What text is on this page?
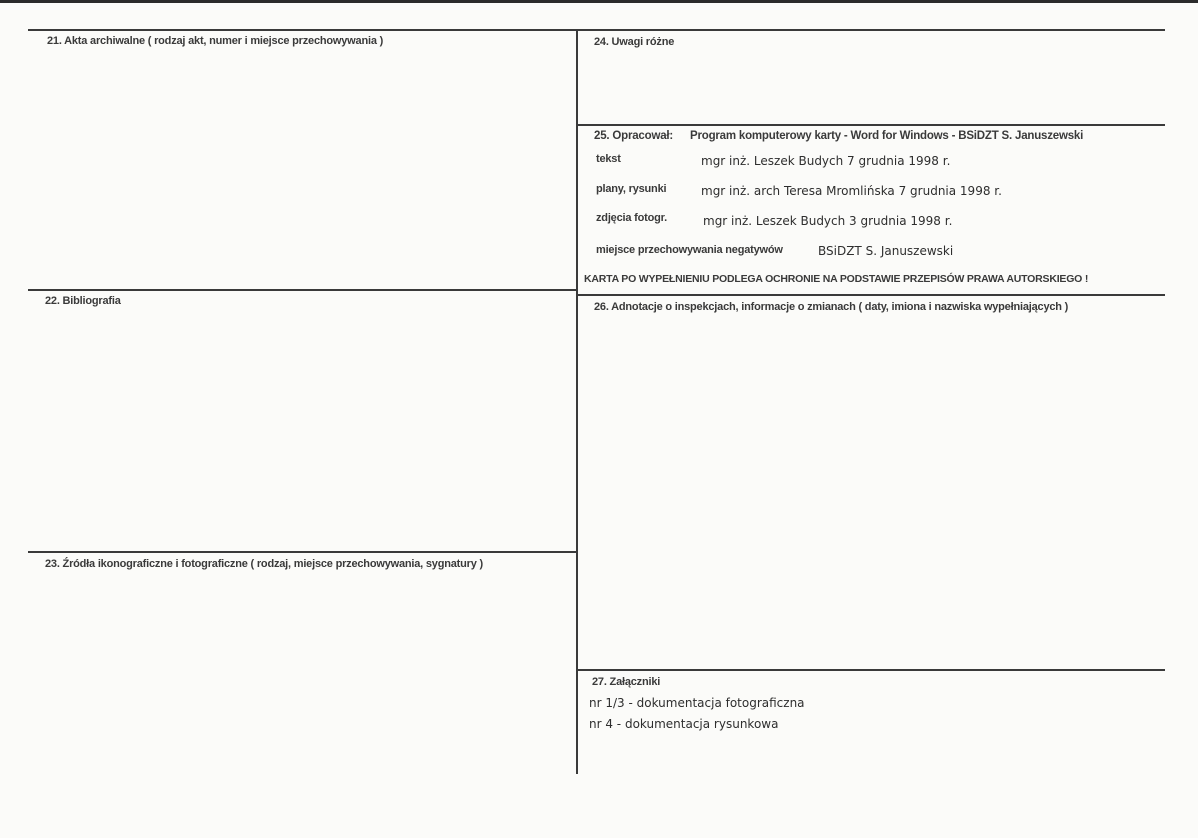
21. Akta archiwalne ( rodzaj akt, numer i miejsce przechowywania )
22. Bibliografia
23. Źródła ikonograficzne i fotograficzne ( rodzaj, miejsce przechowywania, sygnatury )
24. Uwagi różne
25. Opracował: Program komputerowy karty - Word for Windows - BSiDZT S. Januszewski
tekst	mgr inż. Leszek Budych 7 grudnia 1998 r.
plany, rysunki	mgr inż. arch Teresa Mromlińska 7 grudnia 1998 r.
zdjęcia fotogr.	mgr inż. Leszek Budych 3 grudnia 1998 r.
miejsce przechowywania negatywów	BSiDZT S. Januszewski
KARTA PO WYPEŁNIENIU PODLEGA OCHRONIE NA PODSTAWIE PRZEPISÓW PRAWA AUTORSKIEGO !
26. Adnotacje o inspekcjach, informacje o zmianach ( daty, imiona i nazwiska wypełniających )
27. Załączniki
nr 1/3 - dokumentacja fotograficzna
nr 4 - dokumentacja rysunkowa
